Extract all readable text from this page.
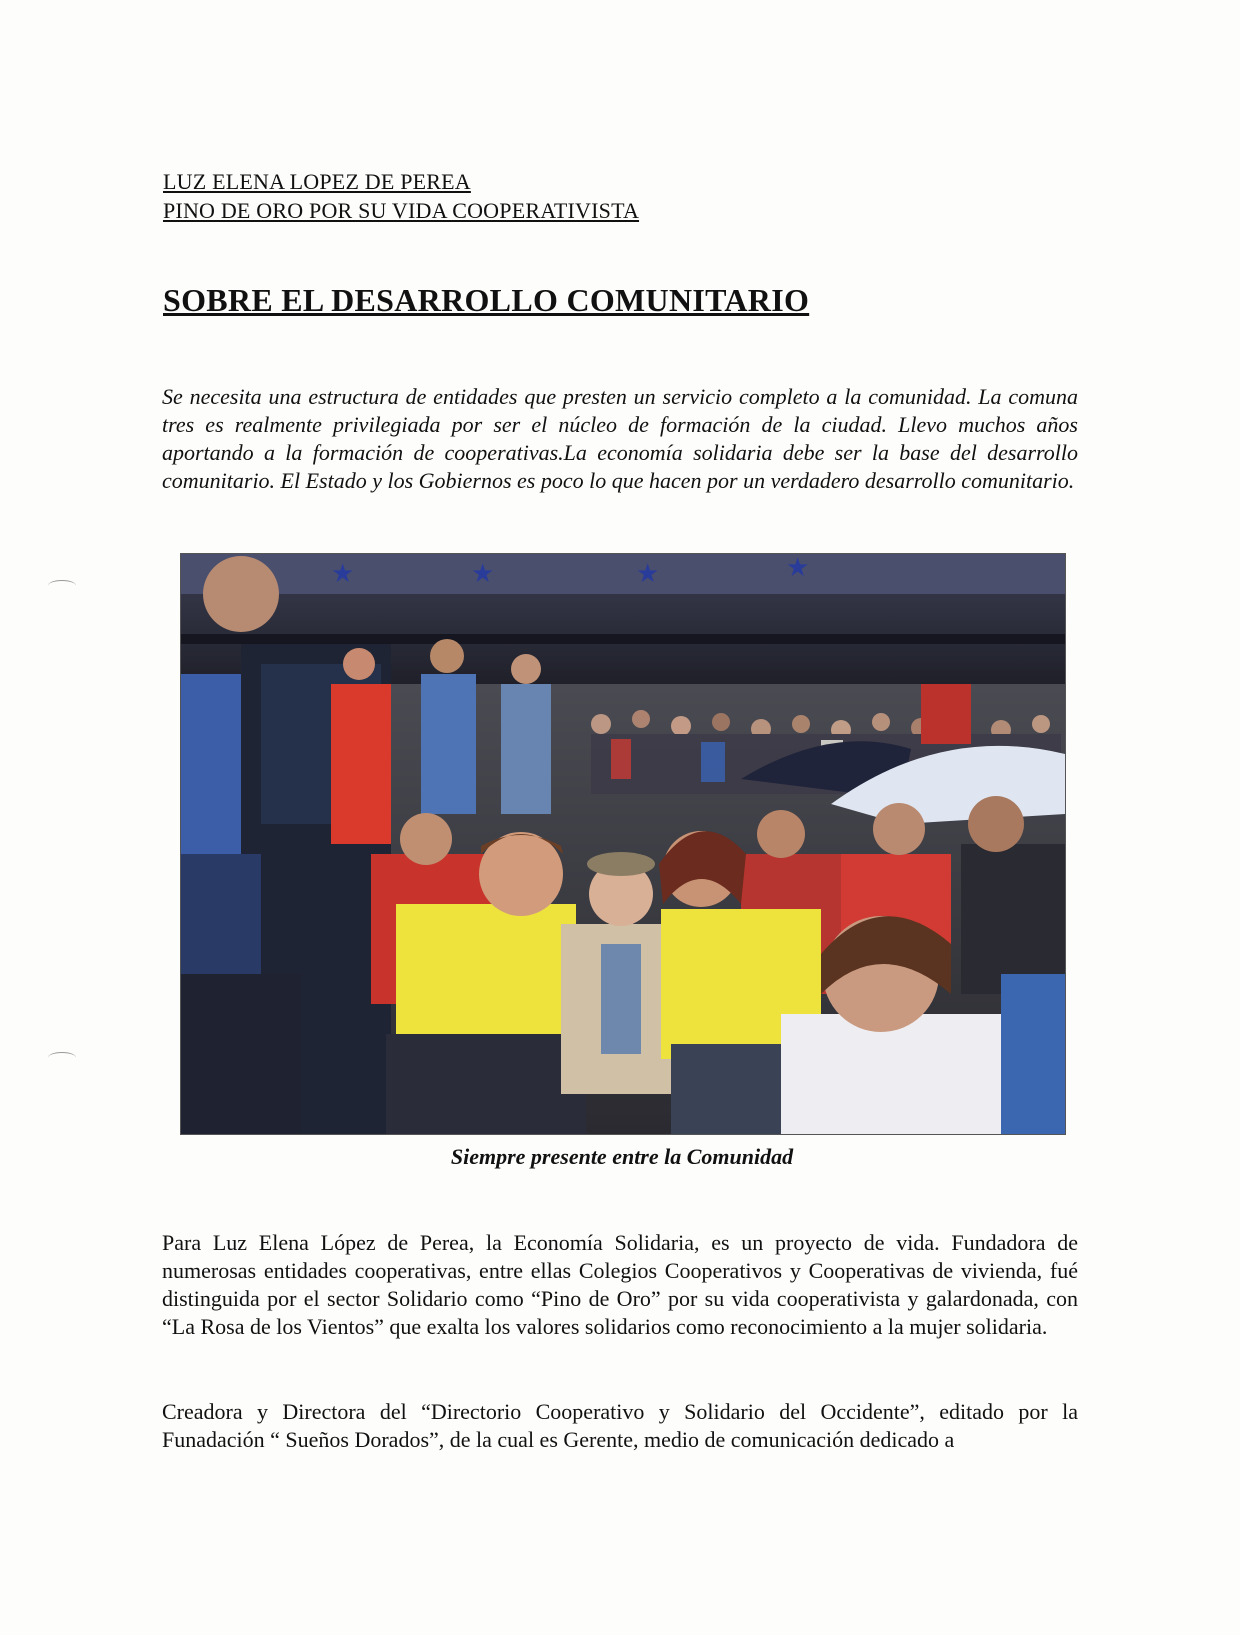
LUZ ELENA LOPEZ DE PEREA
PINO DE ORO POR SU VIDA COOPERATIVISTA
SOBRE EL DESARROLLO COMUNITARIO

Se necesita una estructura de entidades que presten un servicio completo a la comunidad. La comuna tres es realmente privilegiada por ser el núcleo de formación de la ciudad. Llevo muchos años aportando a la formación de cooperativas.La economía solidaria debe ser la base del desarrollo comunitario. El Estado y los Gobiernos es poco lo que hacen por un verdadero desarrollo comunitario.

★	★	★	★
Siempre presente entre la Comunidad

Para Luz Elena López de Perea, la Economía Solidaria, es un proyecto de vida. Fundadora de numerosas entidades cooperativas, entre ellas Colegios Cooperativos y Cooperativas de vivienda, fué distinguida por el sector Solidario como “Pino de Oro” por su vida cooperativista y galardonada, con “La Rosa de los Vientos” que exalta los valores solidarios como reconocimiento a la mujer solidaria.

Creadora y Directora del “Directorio Cooperativo y Solidario del Occidente”, editado por la Funadación “ Sueños Dorados”, de la cual es Gerente, medio de comunicación dedicado a
